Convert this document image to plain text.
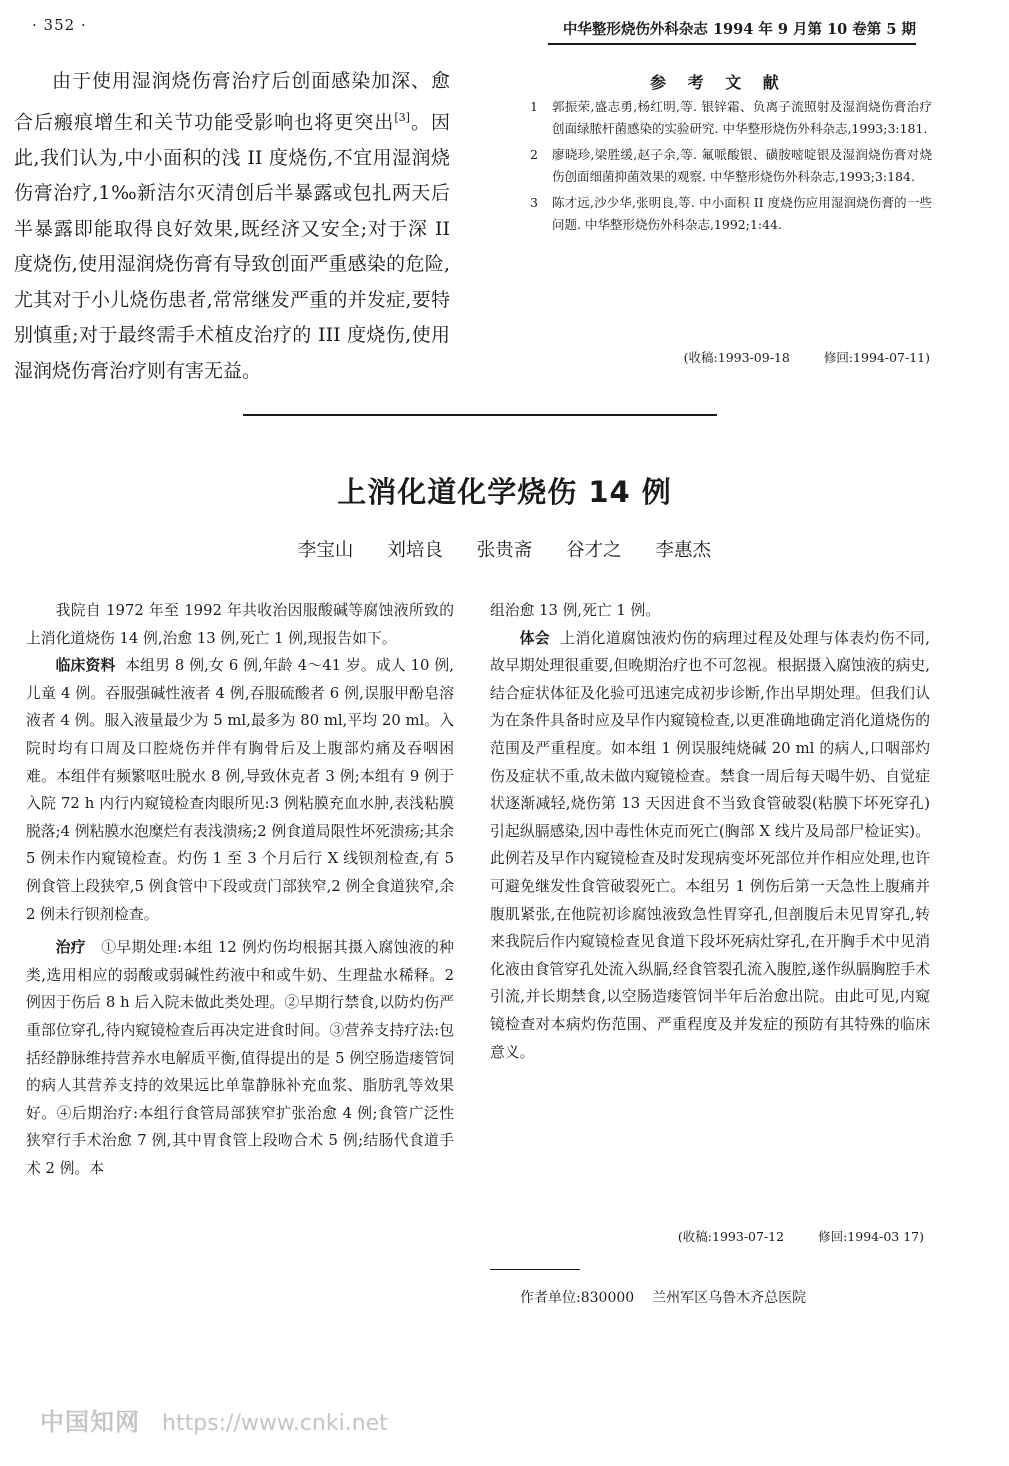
· 352 ·	中华整形烧伤外科杂志 1994 年 9 月第 10 卷第 5 期
由于使用湿润烧伤膏治疗后创面感染加深、愈合后瘢痕增生和关节功能受影响也将更突出[3]。因此,我们认为,中小面积的浅 II 度烧伤,不宜用湿润烧伤膏治疗,1‰新洁尔灭清创后半暴露或包扎两天后半暴露即能取得良好效果,既经济又安全;对于深 II 度烧伤,使用湿润烧伤膏有导致创面严重感染的危险,尤其对于小儿烧伤患者,常常继发严重的并发症,要特别慎重;对于最终需手术植皮治疗的 III 度烧伤,使用湿润烧伤膏治疗则有害无益。
参 考 文 献
1 郭振荣,盛志勇,杨红明,等. 银锌霜、负离子流照射及湿润烧伤膏治疗创面绿脓杆菌感染的实验研究. 中华整形烧伤外科杂志,1993;3:181.
2 廖晓珍,梁胜缓,赵子余,等. 氟哌酸银、磺胺嘧啶银及湿润烧伤膏对烧伤创面细菌抑菌效果的观察. 中华整形烧伤外科杂志,1993;3:184.
3 陈才远,沙少华,张明良,等. 中小面积 II 度烧伤应用湿润烧伤膏的一些问题. 中华整形烧伤外科杂志,1992;1:44.
(收稿:1993-09-18	修回:1994-07-11)
上消化道化学烧伤 14 例
李宝山 刘培良 张贵斋 谷才之 李惠杰

我院自 1972 年至 1992 年共收治因服酸碱等腐蚀液所致的上消化道烧伤 14 例,治愈 13 例,死亡 1 例,现报告如下。

临床资料 本组男 8 例,女 6 例,年龄 4～41 岁。成人 10 例,儿童 4 例。吞服强碱性液者 4 例,吞服硫酸者 6 例,误服甲酚皂溶液者 4 例。服入液量最少为 5 ml,最多为 80 ml,平均 20 ml。入院时均有口周及口腔烧伤并伴有胸骨后及上腹部灼痛及吞咽困难。本组伴有频繁呕吐脱水 8 例,导致休克者 3 例;本组有 9 例于入院 72 h 内行内窥镜检查肉眼所见:3 例粘膜充血水肿,表浅粘膜脱落;4 例粘膜水泡糜烂有表浅溃疡;2 例食道局限性坏死溃疡;其余 5 例未作内窥镜检查。灼伤 1 至 3 个月后行 X 线钡剂检查,有 5 例食管上段狭窄,5 例食管中下段或贲门部狭窄,2 例全食道狭窄,余 2 例未行钡剂检查。

治疗 ①早期处理:本组 12 例灼伤均根据其摄入腐蚀液的种类,选用相应的弱酸或弱碱性药液中和或牛奶、生理盐水稀释。2 例因于伤后 8 h 后入院未做此类处理。②早期行禁食,以防灼伤严重部位穿孔,待内窥镜检查后再决定进食时间。③营养支持疗法:包括经静脉维持营养水电解质平衡,值得提出的是 5 例空肠造瘘管饲的病人其营养支持的效果远比单靠静脉补充血浆、脂肪乳等效果好。④后期治疗:本组行食管局部狭窄扩张治愈 4 例;食管广泛性狭窄行手术治愈 7 例,其中胃食管上段吻合术 5 例;结肠代食道手术 2 例。本

组治愈 13 例,死亡 1 例。

体会 上消化道腐蚀液灼伤的病理过程及处理与体表灼伤不同,故早期处理很重要,但晚期治疗也不可忽视。根据摄入腐蚀液的病史,结合症状体征及化验可迅速完成初步诊断,作出早期处理。但我们认为在条件具备时应及早作内窥镜检查,以更准确地确定消化道烧伤的范围及严重程度。如本组 1 例误服纯烧碱 20 ml 的病人,口咽部灼伤及症状不重,故未做内窥镜检查。禁食一周后每天喝牛奶、自觉症状逐渐减轻,烧伤第 13 天因进食不当致食管破裂(粘膜下坏死穿孔)引起纵膈感染,因中毒性休克而死亡(胸部 X 线片及局部尸检证实)。此例若及早作内窥镜检查及时发现病变坏死部位并作相应处理,也许可避免继发性食管破裂死亡。本组另 1 例伤后第一天急性上腹痛并腹肌紧张,在他院初诊腐蚀液致急性胃穿孔,但剖腹后未见胃穿孔,转来我院后作内窥镜检查见食道下段坏死病灶穿孔,在开胸手术中见消化液由食管穿孔处流入纵膈,经食管裂孔流入腹腔,遂作纵膈胸腔手术引流,并长期禁食,以空肠造瘘管饲半年后治愈出院。由此可见,内窥镜检查对本病灼伤范围、严重程度及并发症的预防有其特殊的临床意义。

(收稿:1993-07-12	修回:1994-03 17)
作者单位:830000 兰州军区乌鲁木齐总医院
中国知网 https://www.cnki.net
